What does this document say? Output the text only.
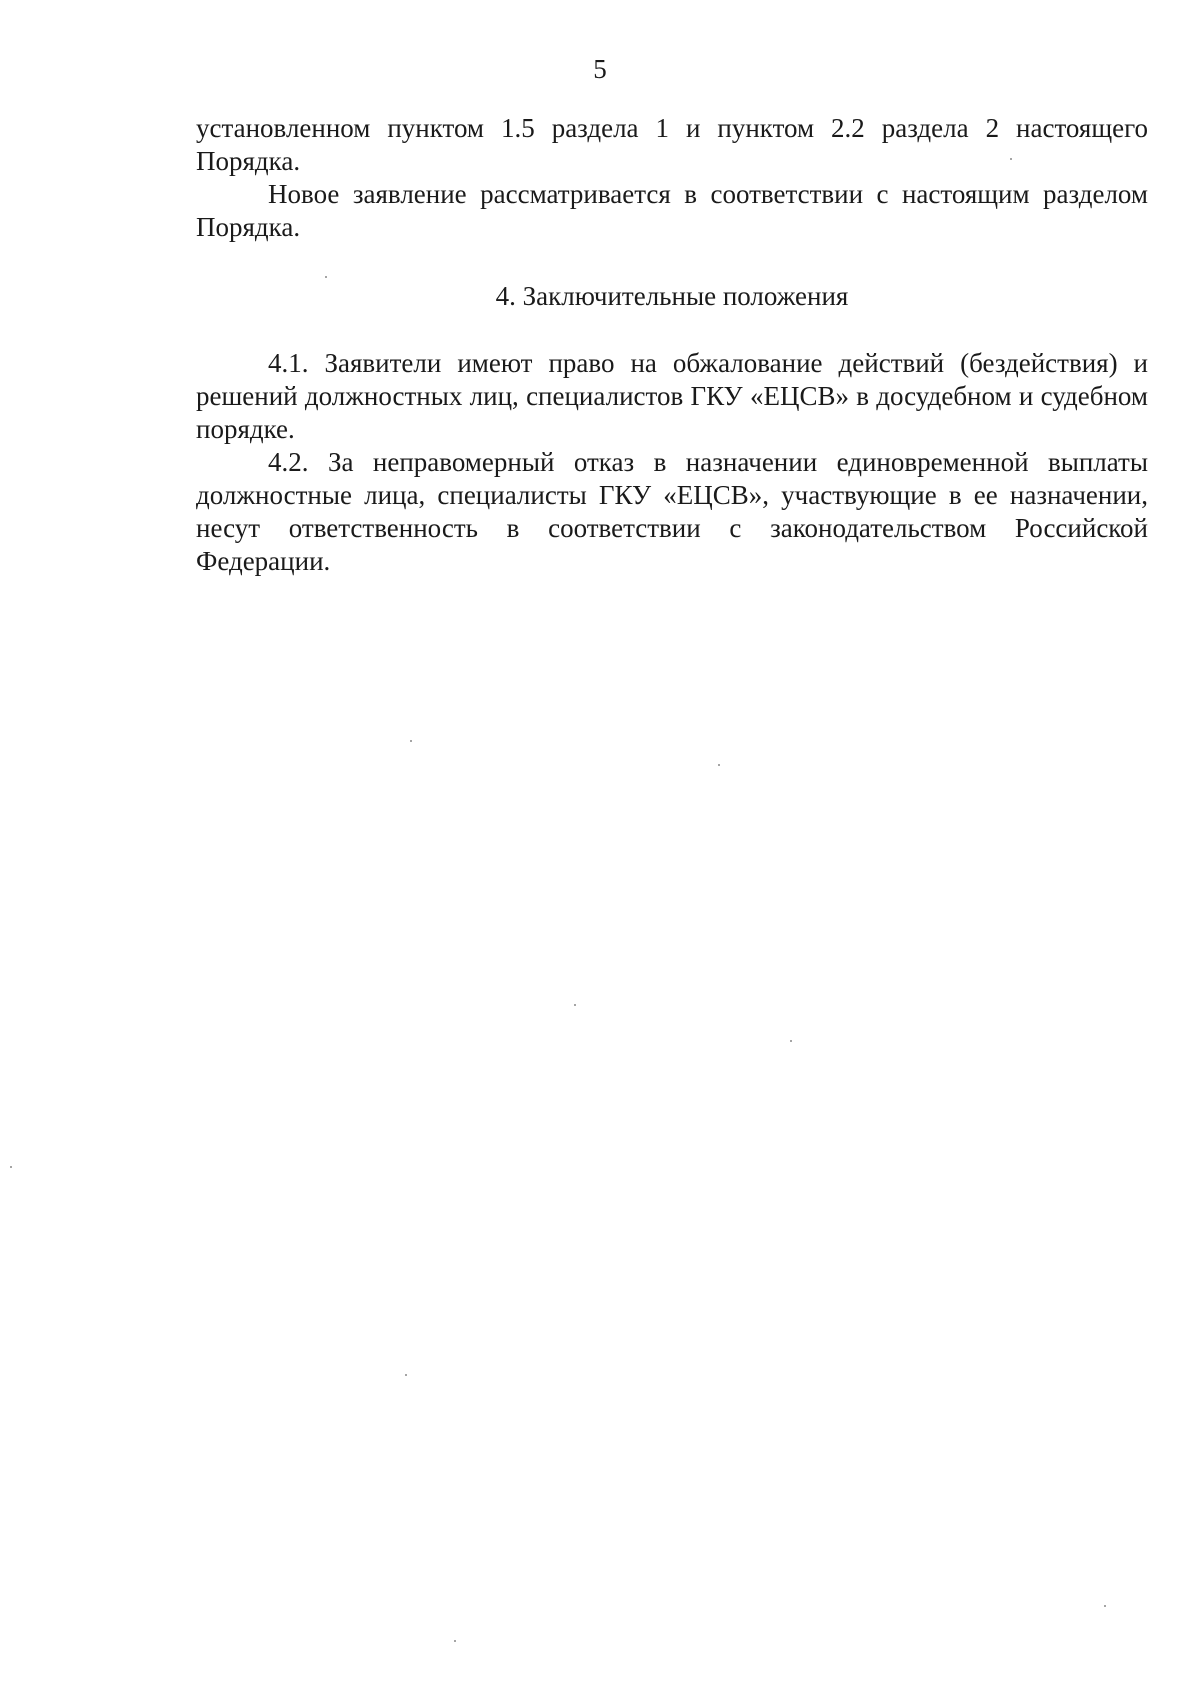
5

установленном пунктом 1.5 раздела 1 и пунктом 2.2 раздела 2 настоящего Порядка.

Новое заявление рассматривается в соответствии с настоящим разделом Порядка.

4. Заключительные положения

4.1. Заявители имеют право на обжалование действий (бездействия) и решений должностных лиц, специалистов ГКУ «ЕЦСВ» в досудебном и судебном порядке.

4.2. За неправомерный отказ в назначении единовременной выплаты должностные лица, специалисты ГКУ «ЕЦСВ», участвующие в ее назначении, несут ответственность в соответствии с законодательством Российской Федерации.
